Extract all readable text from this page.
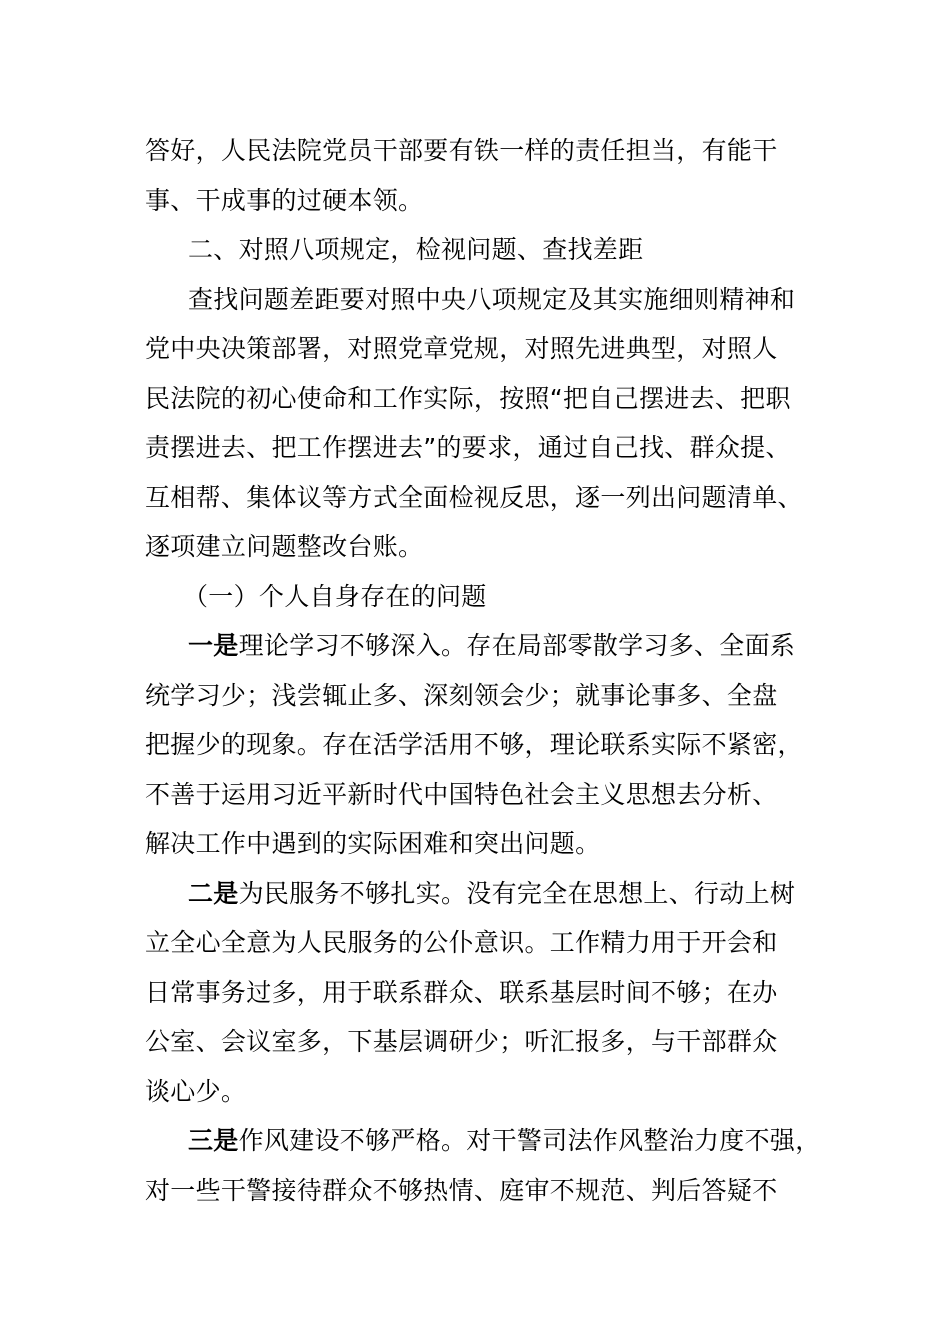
答好，人民法院党员干部要有铁一样的责任担当，有能干
事、干成事的过硬本领。
二、对照八项规定，检视问题、查找差距
查找问题差距要对照中央八项规定及其实施细则精神和
党中央决策部署，对照党章党规，对照先进典型，对照人
民法院的初心使命和工作实际，按照“把自己摆进去、把职
责摆进去、把工作摆进去”的要求，通过自己找、群众提、
互相帮、集体议等方式全面检视反思，逐一列出问题清单、
逐项建立问题整改台账。
（一）个人自身存在的问题
一是理论学习不够深入。存在局部零散学习多、全面系
统学习少；浅尝辄止多、深刻领会少；就事论事多、全盘
把握少的现象。存在活学活用不够，理论联系实际不紧密，
不善于运用习近平新时代中国特色社会主义思想去分析、
解决工作中遇到的实际困难和突出问题。
二是为民服务不够扎实。没有完全在思想上、行动上树
立全心全意为人民服务的公仆意识。工作精力用于开会和
日常事务过多，用于联系群众、联系基层时间不够；在办
公室、会议室多，下基层调研少；听汇报多，与干部群众
谈心少。
三是作风建设不够严格。对干警司法作风整治力度不强，
对一些干警接待群众不够热情、庭审不规范、判后答疑不
